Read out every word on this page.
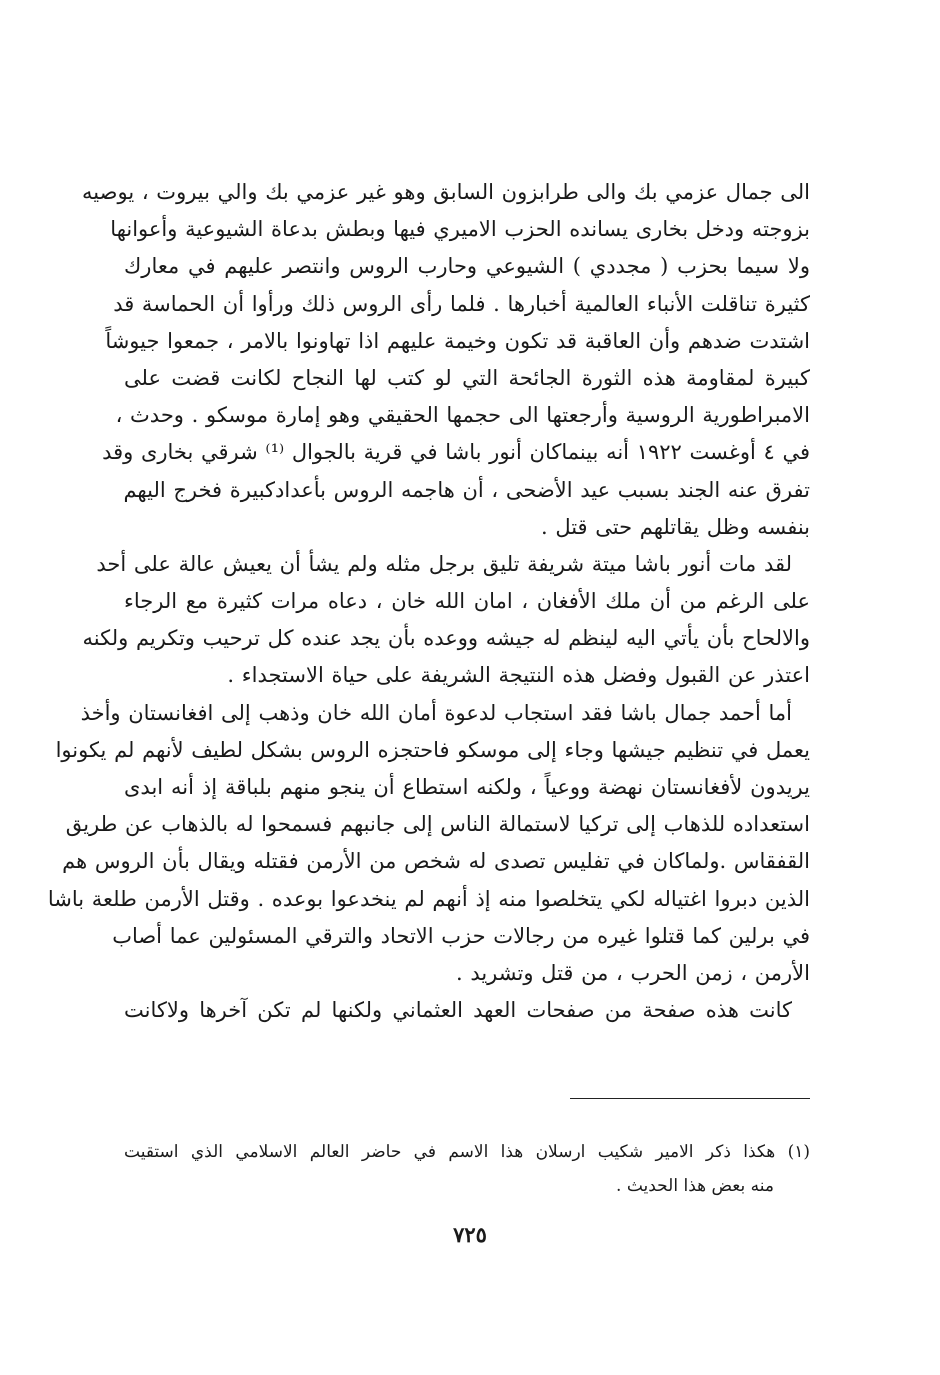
الى جمال عزمي بك والى طرابزون السابق وهو غير عزمي بك والي بيروت ، يوصيه
بزوجته ودخل بخارى يسانده الحزب الاميري فيها وبطش بدعاة الشيوعية وأعوانها
ولا سيما بحزب ( مجددي ) الشيوعي وحارب الروس وانتصر عليهم في معارك
كثيرة تناقلت الأنباء العالمية أخبارها . فلما رأى الروس ذلك ورأوا أن الحماسة قد
اشتدت ضدهم وأن العاقبة قد تكون وخيمة عليهم اذا تهاونوا بالامر ، جمعوا جيوشاً
كبيرة لمقاومة هذه الثورة الجائحة التي لو كتب لها النجاح لكانت قضت على
الامبراطورية الروسية وأرجعتها الى حجمها الحقيقي وهو إمارة موسكو . وحدث ،
في ٤ أوغست ١٩٢٢ أنه بينماكان أنور باشا في قرية بالجوال ⁽¹⁾ شرقي بخارى وقد
تفرق عنه الجند بسبب عيد الأضحى ، أن هاجمه الروس بأعدادكبيرة فخرج اليهم
بنفسه وظل يقاتلهم حتى قتل .
لقد مات أنور باشا ميتة شريفة تليق برجل مثله ولم يشأ أن يعيش عالة على أحد
على الرغم من أن ملك الأفغان ، امان الله خان ، دعاه مرات كثيرة مع الرجاء
والالحاح بأن يأتي اليه لينظم له جيشه ووعده بأن يجد عنده كل ترحيب وتكريم ولكنه
اعتذر عن القبول وفضل هذه النتيجة الشريفة على حياة الاستجداء .
أما أحمد جمال باشا فقد استجاب لدعوة أمان الله خان وذهب إلى افغانستان وأخذ
يعمل في تنظيم جيشها وجاء إلى موسكو فاحتجزه الروس بشكل لطيف لأنهم لم يكونوا
يريدون لأفغانستان نهضة ووعياً ، ولكنه استطاع أن ينجو منهم بلباقة إذ أنه ابدى
استعداده للذهاب إلى تركيا لاستمالة الناس إلى جانبهم فسمحوا له بالذهاب عن طريق
القفقاس .ولماكان في تفليس تصدى له شخص من الأرمن فقتله ويقال بأن الروس هم
الذين دبروا اغتياله لكي يتخلصوا منه إذ أنهم لم ينخدعوا بوعده . وقتل الأرمن طلعة باشا
في برلين كما قتلوا غيره من رجالات حزب الاتحاد والترقي المسئولين عما أصاب
الأرمن ، زمن الحرب ، من قتل وتشريد .
كانت هذه صفحة من صفحات العهد العثماني ولكنها لم تكن آخرها ولاكانت
(١) هكذا ذكر الامير شكيب ارسلان هذا الاسم في حاضر العالم الاسلامي الذي استقيت
منه بعض هذا الحديث .
٧٢٥
